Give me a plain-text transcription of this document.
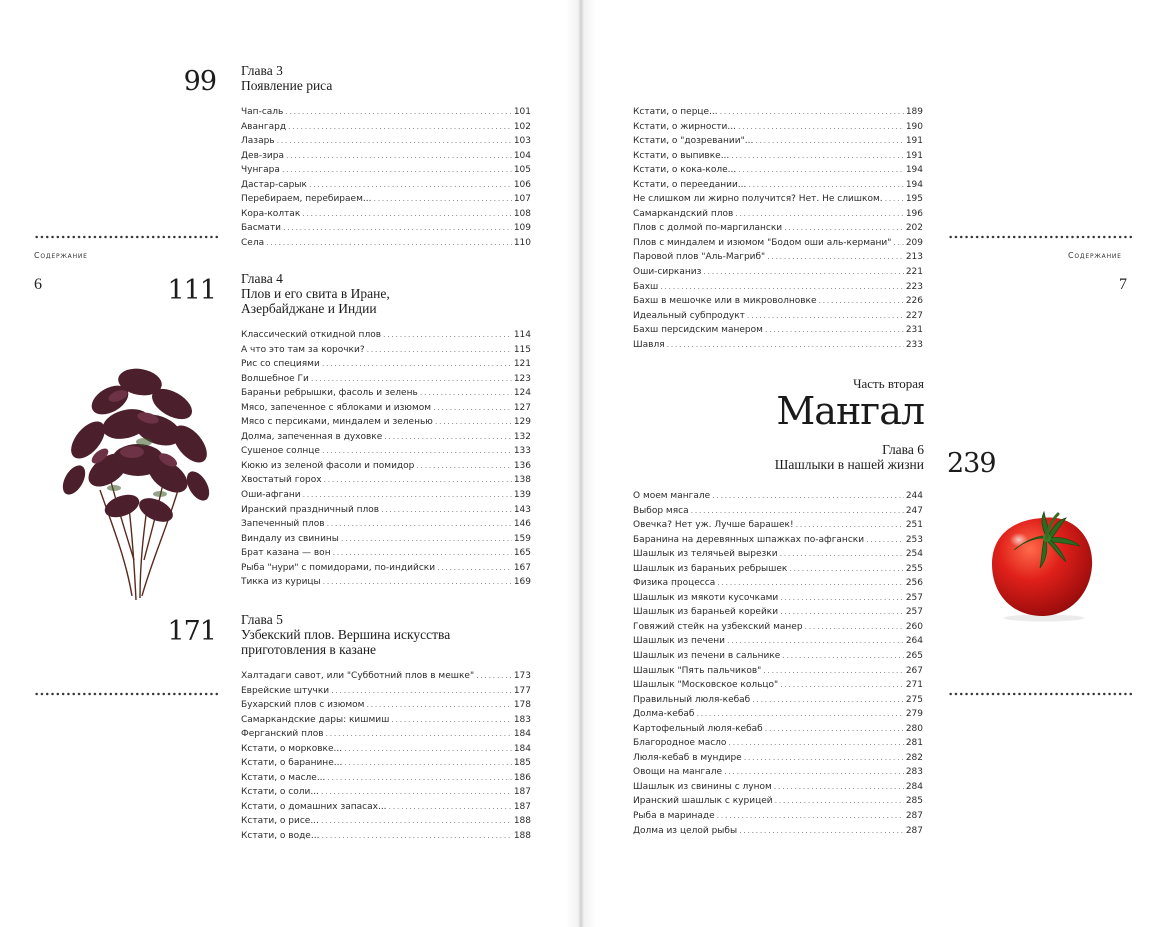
99 Глава 3
Появление риса
Чап-саль .....	101
Авангард .....	102
Лазарь .....	103
Дев-зира .....	104
Чунгара .....	105
Дастар-сарык .....	106
Перебираем, перебираем... .....	107
Кора-колтак .....	108
Басмати .....	109
Села .....	110
Содержание
6	111 Глава 4
Плов и его свита в Иране,
Азербайджане и Индии
Классический откидной плов .....	114
А что это там за корочки? .....	115
Рис со специями .....	121
Волшебное Ги .....	123
Бараньи ребрышки, фасоль и зелень .....	124
Мясо, запеченное с яблоками и изюмом .....	127
Мясо с персиками, миндалем и зеленью .....	129
Долма, запеченная в духовке .....	132
Сушеное солнце .....	133
Кюкю из зеленой фасоли и помидор .....	136
Хвостатый горох .....	138
Оши-афгани .....	139
Иранский праздничный плов .....	143
Запеченный плов .....	146
Виндалу из свинины .....	159
Брат казана — вон .....	165
Рыба "нури" с помидорами, по-индийски .....	167
Тикка из курицы .....	169
171 Глава 5
Узбекский плов. Вершина искусства
приготовления в казане
Халтадаги савот, или "Субботний плов в мешке" .....	173
Еврейские штучки .....	177
Бухарский плов с изюмом .....	178
Самаркандские дары: кишмиш .....	183
Ферганский плов .....	184
Кстати, о морковке... .....	184
Кстати, о баранине... .....	185
Кстати, о масле... .....	186
Кстати, о соли... .....	187
Кстати, о домашних запасах... .....	187
Кстати, о рисе... .....	188
Кстати, о воде... .....	188
Кстати, о перце... .....	189
Кстати, о жирности... .....	190
Кстати, о "дозревании"... .....	191
Кстати, о выпивке... .....	191
Кстати, о кока-коле... .....	194
Кстати, о переедании... .....	194
Не слишком ли жирно получится? Нет. Не слишком. .....	195
Самаркандский плов .....	196
Плов с долмой по-маргилански .....	202
Плов с миндалем и изюмом "Бодом оши аль-кермани" ..... 209
Паровой плов "Аль-Магриб" .....	213
Оши-сирканиз .....	221
Бахш .....	223
Бахш в мешочке или в микроволновке .....	226
Идеальный субпродукт .....	227
Бахш персидским манером .....	231
Шавля .....	233
Содержание
7
Часть вторая
Мангал
Глава 6
Шашлыки в нашей жизни 239
О моем мангале .....	244
Выбор мяса .....	247
Овечка? Нет уж. Лучше барашек! .....	251
Баранина на деревянных шпажках по-афгански .....	253
Шашлык из телячьей вырезки .....	254
Шашлык из бараньих ребрышек .....	255
Физика процесса .....	256
Шашлык из мякоти кусочками .....	257
Шашлык из бараньей корейки .....	257
Говяжий стейк на узбекский манер .....	260
Шашлык из печени .....	264
Шашлык из печени в сальнике .....	265
Шашлык "Пять пальчиков" .....	267
Шашлык "Московское кольцо" .....	271
Правильный люля-кебаб .....	275
Долма-кебаб .....	279
Картофельный люля-кебаб .....	280
Благородное масло .....	281
Люля-кебаб в мундире .....	282
Овощи на мангале .....	283
Шашлык из свинины с луном .....	284
Иранский шашлык с курицей .....	285
Рыба в маринаде .....	287
Долма из целой рыбы .....	287
